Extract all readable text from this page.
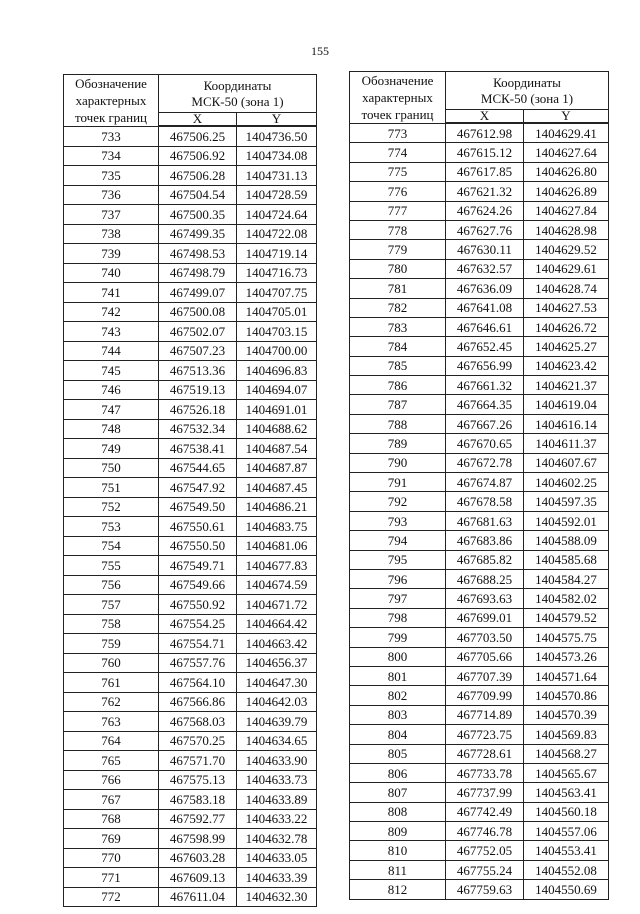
155
Обозначение характерных точек границ	Координаты
МСК-50 (зона 1)	

	X	Y

733	467506.25	1404736.50
734	467506.92	1404734.08
735	467506.28	1404731.13
736	467504.54	1404728.59
737	467500.35	1404724.64
738	467499.35	1404722.08
739	467498.53	1404719.14
740	467498.79	1404716.73
741	467499.07	1404707.75
742	467500.08	1404705.01
743	467502.07	1404703.15
744	467507.23	1404700.00
745	467513.36	1404696.83
746	467519.13	1404694.07
747	467526.18	1404691.01
748	467532.34	1404688.62
749	467538.41	1404687.54
750	467544.65	1404687.87
751	467547.92	1404687.45
752	467549.50	1404686.21
753	467550.61	1404683.75
754	467550.50	1404681.06
755	467549.71	1404677.83
756	467549.66	1404674.59
757	467550.92	1404671.72
758	467554.25	1404664.42
759	467554.71	1404663.42
760	467557.76	1404656.37
761	467564.10	1404647.30
762	467566.86	1404642.03
763	467568.03	1404639.79
764	467570.25	1404634.65
765	467571.70	1404633.90
766	467575.13	1404633.73
767	467583.18	1404633.89
768	467592.77	1404633.22
769	467598.99	1404632.78
770	467603.28	1404633.05
771	467609.13	1404633.39
772	467611.04	1404632.30
Обозначение характерных точек границ	Координаты
МСК-50 (зона 1)	

	X	Y

773	467612.98	1404629.41
774	467615.12	1404627.64
775	467617.85	1404626.80
776	467621.32	1404626.89
777	467624.26	1404627.84
778	467627.76	1404628.98
779	467630.11	1404629.52
780	467632.57	1404629.61
781	467636.09	1404628.74
782	467641.08	1404627.53
783	467646.61	1404626.72
784	467652.45	1404625.27
785	467656.99	1404623.42
786	467661.32	1404621.37
787	467664.35	1404619.04
788	467667.26	1404616.14
789	467670.65	1404611.37
790	467672.78	1404607.67
791	467674.87	1404602.25
792	467678.58	1404597.35
793	467681.63	1404592.01
794	467683.86	1404588.09
795	467685.82	1404585.68
796	467688.25	1404584.27
797	467693.63	1404582.02
798	467699.01	1404579.52
799	467703.50	1404575.75
800	467705.66	1404573.26
801	467707.39	1404571.64
802	467709.99	1404570.86
803	467714.89	1404570.39
804	467723.75	1404569.83
805	467728.61	1404568.27
806	467733.78	1404565.67
807	467737.99	1404563.41
808	467742.49	1404560.18
809	467746.78	1404557.06
810	467752.05	1404553.41
811	467755.24	1404552.08
812	467759.63	1404550.69
